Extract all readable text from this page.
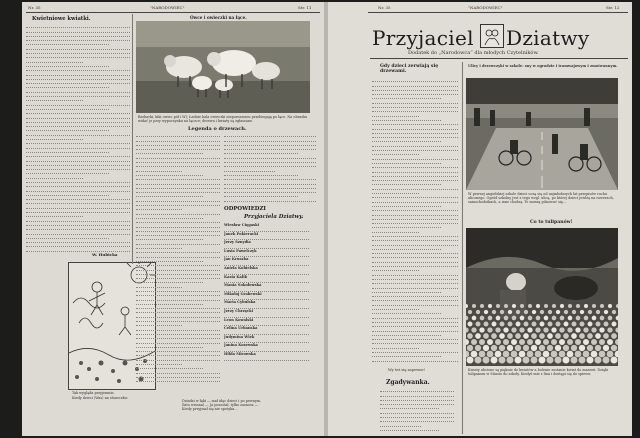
Nr. 35	"NARODOWIEC"	Str. 11
Kwietniowe kwiatki.
W. Hubicka
Tak wygląda przyjemnie,
Kiedy dzieci (Was) na słoneczku:
Owce i owieczki na łące.
Barbarki, kiki owiec pół i W); Ładnie hala owieczki nieporuszeniu przebiegają po łące. Na obrazku widać je przy wypoczynku na łączce; drzewa i kwiaty są zgłaszane.
Legenda o drzewach.
Dziadzi w łąki — mał idąc dzieci i po pewnym, (lato wiosna) — Ja pozostał, tylko zaznosz — Kiedy przyjmał się nie spotyka...
ODPOWIEDZI
Przyjaciela Dziatwy.
Wiesław Cięgaski
Janek Pokieracki
Jerzy Sznydia
Lusia Pawelczyk
Jan Kruszka
Aniela Kobielska
Kasia Kalik
Mania Sokołowska
Mikołaj Grabewski
Maria Cybulska
Jerzy Chrzęcki
Leon Kowalski
Celina Urbanska
Judymina Wiek
Janina Kosewska
Hilda Mirowska
Nr. 35	"NARODOWIEC"	Str. 12
Przyjaciel Dziatwy
Dodatek do „Narodowca” dla młodych Czytelników.
Gdy dzieci zerwiają się drzewami.
Wy też się zapewne!
Zgadywanka.
Ulicy i drzewczyki w szkole: sny w ogrodzie i tramwajowym i zmotowanym.
W pewnej angielskiej szkole dzieci uczą się od najmłodszych lat przepisów ruchu ulicznego. Ogród szkolny jest z tego wzgl. ulicą, po której dzieci jeżdżą na rowerach, samochodzikach, a inne chodzą. Te muszą pilnować się...
Co to tulipanów!
Kwiaty ułożone są pięknie do kwiatów a holenie zostanie kwiat do marzeń. Dzięki tulipanom w Miasto do szkoły. Kiedyś mie z lina i dostąpi się do spiewu.
